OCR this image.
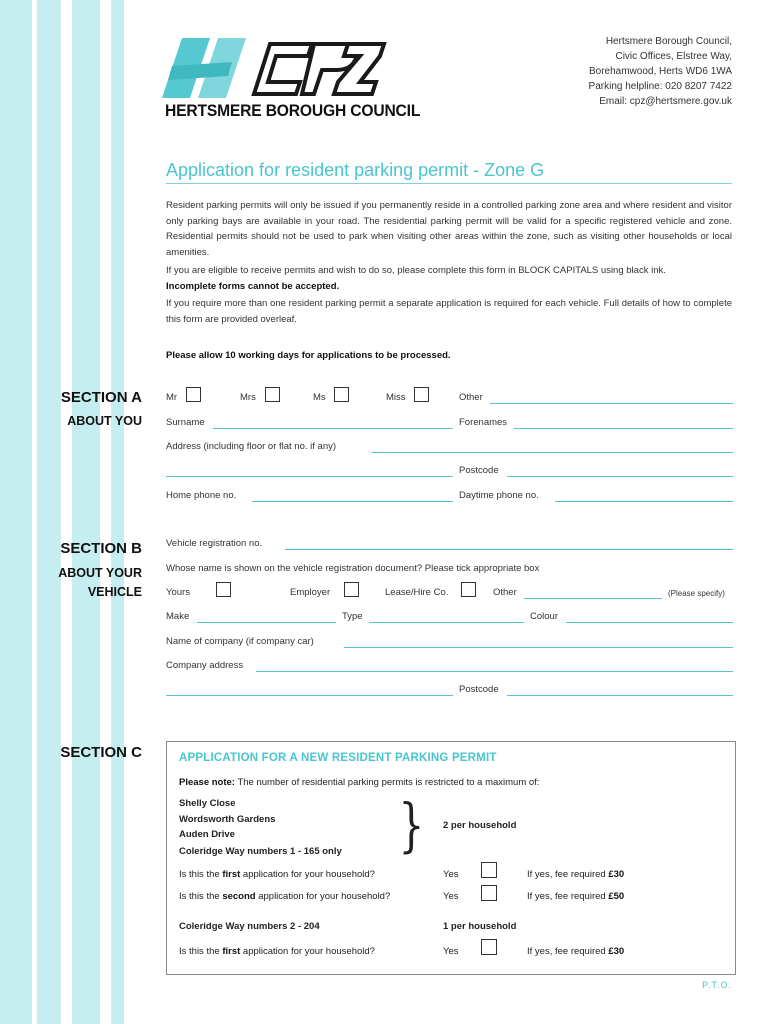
HERTSMERE BOROUGH COUNCIL
Hertsmere Borough Council,
Civic Offices, Elstree Way,
Borehamwood, Herts WD6 1WA
Parking helpline: 020 8207 7422
Email: cpz@hertsmere.gov.uk
Application for resident parking permit - Zone G
Resident parking permits will only be issued if you permanently reside in a controlled parking zone area and where resident and visitor only parking bays are available in your road. The residential parking permit will be valid for a specific registered vehicle and zone. Residential permits should not be used to park when visiting other areas within the zone, such as visiting other households or local amenities.
If you are eligible to receive permits and wish to do so, please complete this form in BLOCK CAPITALS using black ink.
Incomplete forms cannot be accepted.
If you require more than one resident parking permit a separate application is required for each vehicle. Full details of how to complete this form are provided overleaf.
Please allow 10 working days for applications to be processed.
SECTION A
ABOUT YOU
Mr	Mrs	Ms	Miss	Other
Surname	Forenames
Address (including floor or flat no. if any)
Postcode
Home phone no.	Daytime phone no.
SECTION B
ABOUT YOUR
VEHICLE
Vehicle registration no.
Whose name is shown on the vehicle registration document? Please tick appropriate box
Yours	Employer	Lease/Hire Co.	Other	(Please specify)
Make	Type	Colour
Name of company (if company car)
Company address
Postcode
SECTION C	APPLICATION FOR A NEW RESIDENT PARKING PERMIT
Please note: The number of residential parking permits is restricted to a maximum of:
Shelly Close
Wordsworth Gardens
Auden Drive
Coleridge Way numbers 1 - 165 only } 2 per household
Is this the first application for your household?	Yes	If yes, fee required £30
Is this the second application for your household?	Yes	If yes, fee required £50
Coleridge Way numbers 2 - 204	1 per household
Is this the first application for your household?	Yes	If yes, fee required £30
P.T.O.
